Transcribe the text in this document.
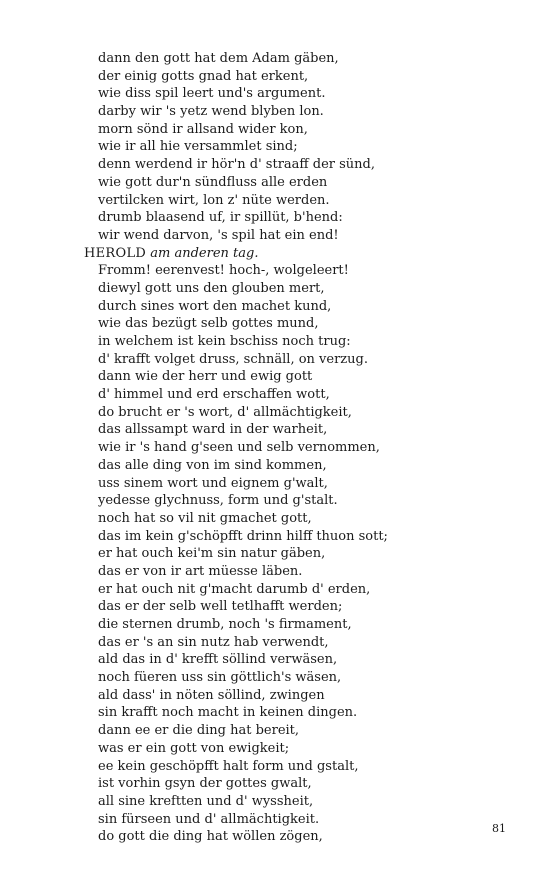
dann den gott hat dem Adam gäben,
der einig gotts gnad hat erkent,
wie diss spil leert und's argument.
darby wir 's yetz wend blyben lon.
morn sönd ir allsand wider kon,
wie ir all hie versammlet sind;
denn werdend ir hör'n d' straaff der sünd,
wie gott dur'n sündfluss alle erden
vertilcken wirt, lon z' nüte werden.
drumb blaasend uf, ir spillüt, b'hend:
wir wend darvon, 's spil hat ein end!
HEROLD am anderen tag.
Fromm! eerenvest! hoch-, wolgeleert!
diewyl gott uns den glouben mert,
durch sines wort den machet kund,
wie das bezügt selb gottes mund,
in welchem ist kein bschiss noch trug:
d' krafft volget druss, schnäll, on verzug.
dann wie der herr und ewig gott
d' himmel und erd erschaffen wott,
do brucht er 's wort, d' allmächtigkeit,
das allssampt ward in der warheit,
wie ir 's hand g'seen und selb vernommen,
das alle ding von im sind kommen,
uss sinem wort und eignem g'walt,
yedesse glychnuss, form und g'stalt.
noch hat so vil nit gmachet gott,
das im kein g'schöpfft drinn hilff thuon sott;
er hat ouch kei'm sin natur gäben,
das er von ir art müesse läben.
er hat ouch nit g'macht darumb d' erden,
das er der selb well tetlhafft werden;
die sternen drumb, noch 's firmament,
das er 's an sin nutz hab verwendt,
ald das in d' krefft söllind verwäsen,
noch füeren uss sin göttlich's wäsen,
ald dass' in nöten söllind, zwingen
sin krafft noch macht in keinen dingen.
dann ee er die ding hat bereit,
was er ein gott von ewigkeit;
ee kein geschöpfft halt form und gstalt,
ist vorhin gsyn der gottes gwalt,
all sine kreftten und d' wyssheit,
sin fürseen und d' allmächtigkeit.
do gott die ding hat wöllen zögen,
81
